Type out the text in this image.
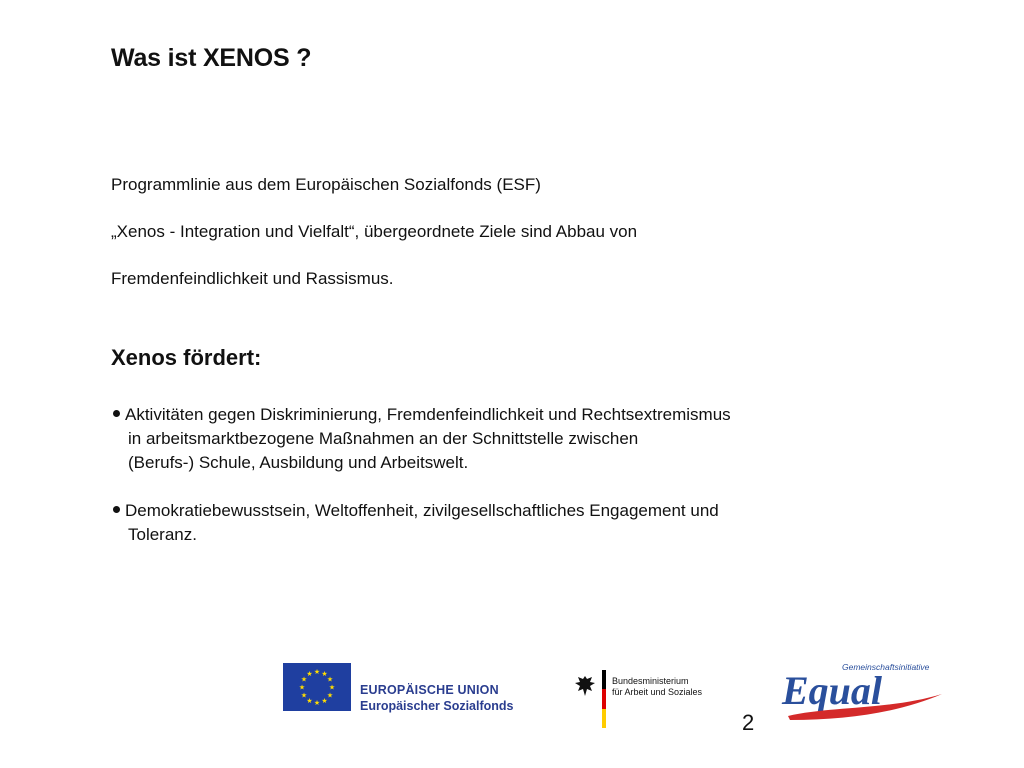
Was ist XENOS ?
Programmlinie aus dem Europäischen Sozialfonds (ESF)
„Xenos - Integration und Vielfalt“, übergeordnete Ziele sind Abbau von
Fremdenfeindlichkeit und Rassismus.
Xenos fördert:
Aktivitäten gegen Diskriminierung, Fremdenfeindlichkeit und Rechtsextremismus
in arbeitsmarktbezogene Maßnahmen an der Schnittstelle zwischen
(Berufs-) Schule, Ausbildung und Arbeitswelt.
Demokratiebewusstsein, Weltoffenheit, zivilgesellschaftliches Engagement und
Toleranz.
★ ★
★
★
★
★
★
★
★
★
★
★
EUROPÄISCHE UNION
Europäischer Sozialfonds
Bundesministerium
für Arbeit und Soziales
Gemeinschaftsinitiative
Equal
2
